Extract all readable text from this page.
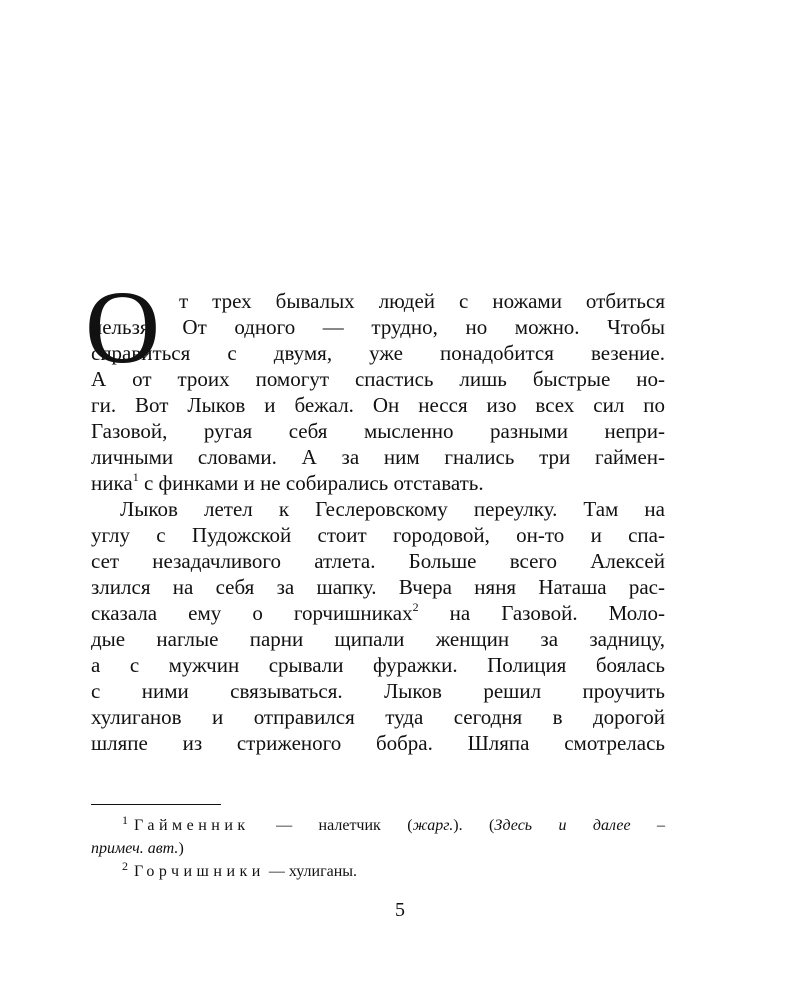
О т трех бывалых людей с ножами отбиться
нельзя. От одного — трудно, но можно. Чтобы
справиться с двумя, уже понадобится везение.
А от троих помогут спастись лишь быстрые но-
ги. Вот Лыков и бежал. Он несся изо всех сил по
Газовой, ругая себя мысленно разными непри-
личными словами. А за ним гнались три гаймен-
ника$^1$ с финками и не собирались отставать.
Лыков летел к Геслеровскому переулку. Там на
углу с Пудожской стоит городовой, он-то и спа-
сет незадачливого атлета. Больше всего Алексей
злился на себя за шапку. Вчера няня Наташа рас-
сказала ему о горчишниках$^2$ на Газовой. Моло-
дые наглые парни щипали женщин за задницу,
а с мужчин срывали фуражки. Полиция боялась
с ними связываться. Лыков решил проучить
хулиганов и отправился туда сегодня в дорогой
шляпе из стриженого бобра. Шляпа смотрелась
$^1$ Гайменник — налетчик (жарг.). (Здесь и далее –
примеч. авт.)
$^2$ Горчишники — хулиганы.
5
